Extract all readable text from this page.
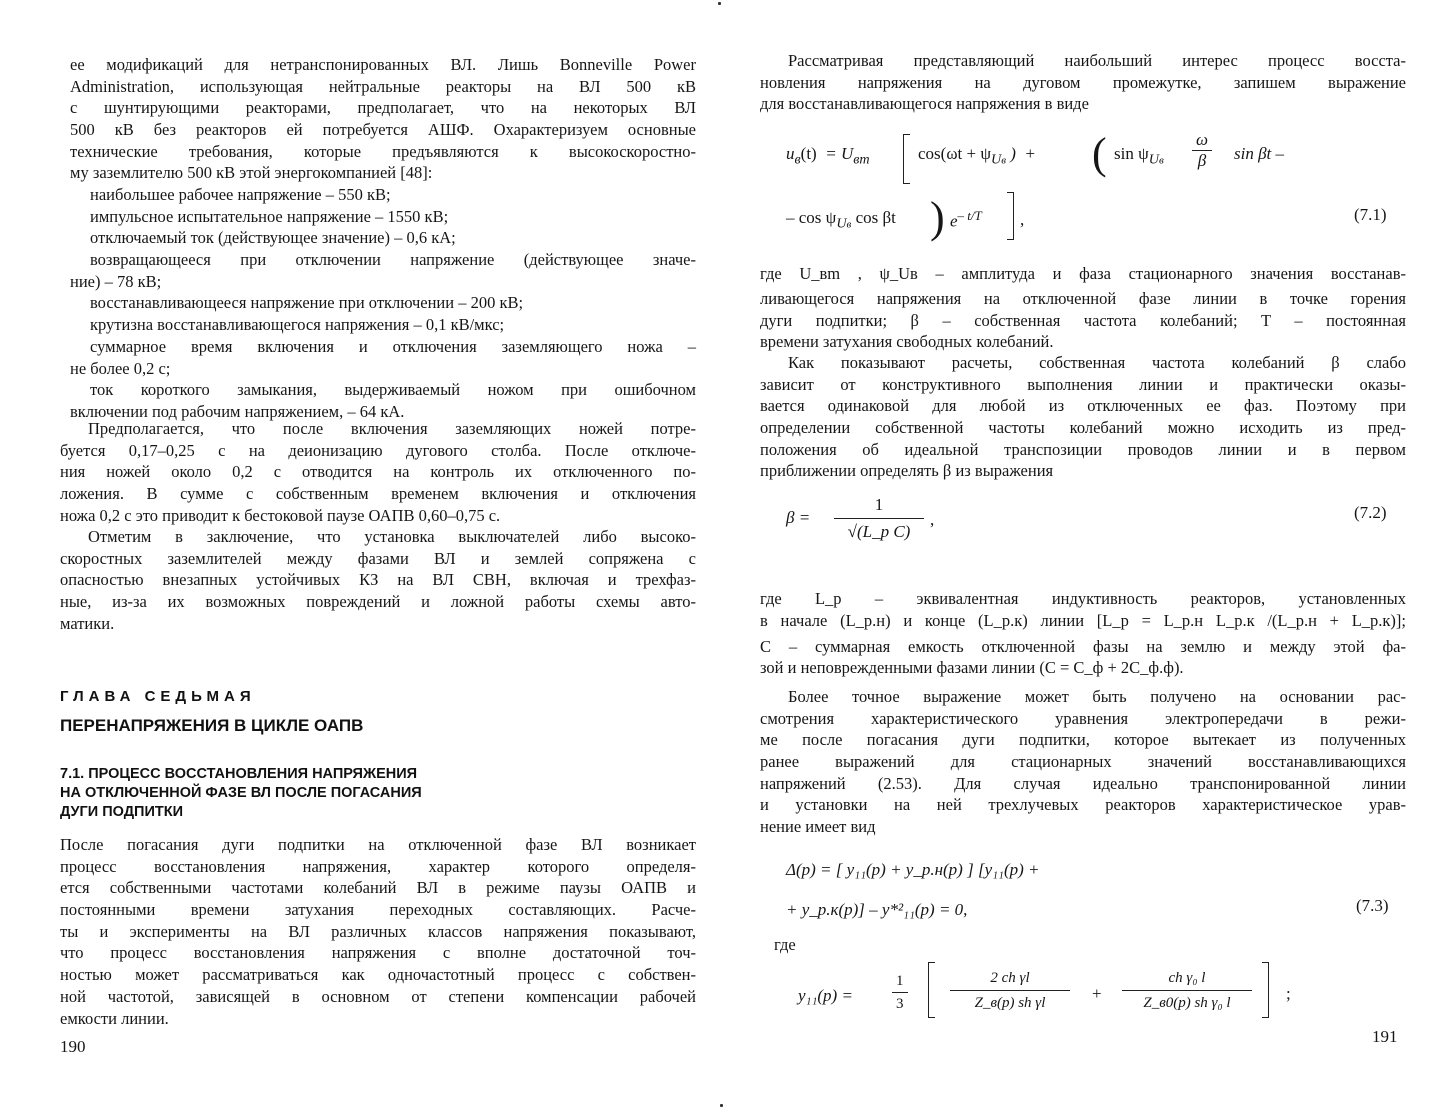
ее модификаций для нетранспонированных ВЛ. Лишь Bonneville Power
Administration, использующая нейтральные реакторы на ВЛ 500 кВ
с шунтирующими реакторами, предполагает, что на некоторых ВЛ
500 кВ без реакторов ей потребуется АШФ. Охарактеризуем основные
технические требования, которые предъявляются к высокоскоростно-
му заземлителю 500 кВ этой энергокомпанией [48]:
наибольшее рабочее напряжение – 550 кВ;
импульсное испытательное напряжение – 1550 кВ;
отключаемый ток (действующее значение) – 0,6 кА;
возвращающееся при отключении напряжение (действующее значе-
ние) – 78 кВ;
восстанавливающееся напряжение при отключении – 200 кВ;
крутизна восстанавливающегося напряжения – 0,1 кВ/мкс;
суммарное время включения и отключения заземляющего ножа –
не более 0,2 с;
ток короткого замыкания, выдерживаемый ножом при ошибочном
включении под рабочим напряжением, – 64 кА.
Предполагается, что после включения заземляющих ножей потре-
буется 0,17–0,25 с на деионизацию дугового столба. После отключе-
ния ножей около 0,2 с отводится на контроль их отключенного по-
ложения. В сумме с собственным временем включения и отключения
ножа 0,2 с это приводит к бестоковой паузе ОАПВ 0,60–0,75 с.
Отметим в заключение, что установка выключателей либо высоко-
скоростных заземлителей между фазами ВЛ и землей сопряжена с
опасностью внезапных устойчивых КЗ на ВЛ СВН, включая и трехфаз-
ные, из-за их возможных повреждений и ложной работы схемы авто-
матики.
ГЛАВА СЕДЬМАЯ
ПЕРЕНАПРЯЖЕНИЯ В ЦИКЛЕ ОАПВ
7.1. ПРОЦЕСС ВОССТАНОВЛЕНИЯ НАПРЯЖЕНИЯ
НА ОТКЛЮЧЕННОЙ ФАЗЕ ВЛ ПОСЛЕ ПОГАСАНИЯ
ДУГИ ПОДПИТКИ
После погасания дуги подпитки на отключенной фазе ВЛ возникает
процесс восстановления напряжения, характер которого определя-
ется собственными частотами колебаний ВЛ в режиме паузы ОАПВ и
постоянными времени затухания переходных составляющих. Расче-
ты и эксперименты на ВЛ различных классов напряжения показывают,
что процесс восстановления напряжения с вполне достаточной точ-
ностью может рассматриваться как одночастотный процесс с собствен-
ной частотой, зависящей в основном от степени компенсации рабочей
емкости линии.
190
Рассматривая представляющий наибольший интерес процесс восста-
новления напряжения на дуговом промежутке, запишем выражение
для восстанавливающегося напряжения в виде
$u_в(t) = U_{вm}$	$\cos(\omega t + \psi_{Uв}$ )  + ( $\sin \psi_{Uв} \frac{\omega}{\beta}$ sin βt –
– $\cos \psi_{Uв}$ cos βt ) $e^{- t/T}$ ,	(7.1)
где U_вm , ψ_Uв – амплитуда и фаза стационарного значения восстанав-
ливающегося напряжения на отключенной фазе линии в точке горения
дуги подпитки; β – собственная частота колебаний; T – постоянная
времени затухания свободных колебаний.
Как показывают расчеты, собственная частота колебаний β слабо
зависит от конструктивного выполнения линии и практически оказы-
вается одинаковой для любой из отключенных ее фаз. Поэтому при
определении собственной частоты колебаний можно исходить из пред-
положения об идеальной транспозиции проводов линии и в первом
приближении определять β из выражения
$\beta = \frac{1}{\text{√(L\_p C)}}$ ,	(7.2)
где L_p – эквивалентная индуктивность реакторов, установленных
в начале (L_р.н) и конце (L_р.к) линии [L_р = L_р.н L_р.к /(L_р.н + L_р.к)];
C – суммарная емкость отключенной фазы на землю и между этой фа-
зой и неповрежденными фазами линии (C = C_ф + 2C_ф.ф).
Более точное выражение может быть получено на основании рас-
смотрения характеристического уравнения электропередачи в режи-
ме после погасания дуги подпитки, которое вытекает из полученных
ранее выражений для стационарных значений восстанавливающихся
напряжений (2.53). Для случая идеально транспонированной линии
и установки на ней трехлучевых реакторов характеристическое урав-
нение имеет вид
Δ(p) = [ y₁₁(p) + y_р.н(p) ] [y₁₁(p) +
+ y_р.к(p)] – y*²₁₁(p) = 0,	(7.3)
где
y₁₁(p) =	$\frac{1}{3}$	$\frac{\text{2 ch γl}}{\text{Z\_в(p) sh γl}} + \frac{\text{ch γ₀ l}}{\text{Z\_в0(p) sh γ₀ l}}$ ;
191
